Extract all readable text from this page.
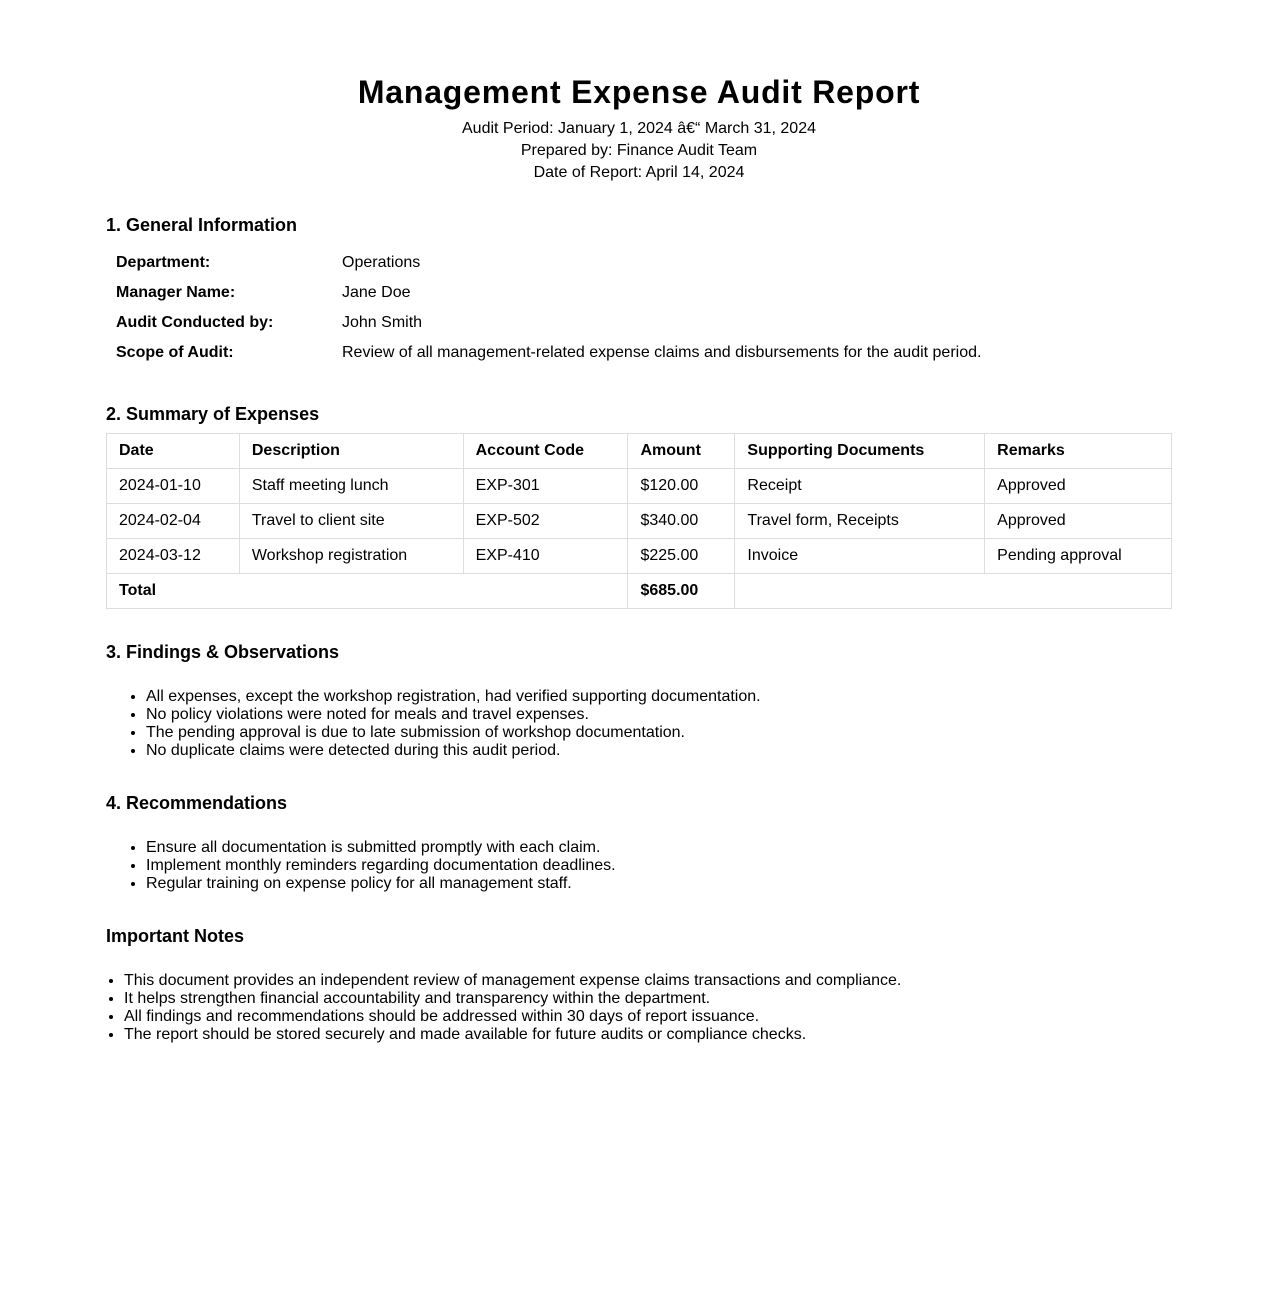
Management Expense Audit Report
Audit Period: January 1, 2024 â€“ March 31, 2024
Prepared by: Finance Audit Team
Date of Report: April 14, 2024
1. General Information
Department:	Operations
Manager Name:	Jane Doe
Audit Conducted by:	John Smith
Scope of Audit:	Review of all management-related expense claims and disbursements for the audit period.
2. Summary of Expenses
Date	Description	Account Code	Amount	Supporting Documents	Remarks
2024-01-10	Staff meeting lunch	EXP-301	$120.00	Receipt	Approved
2024-02-04	Travel to client site	EXP-502	$340.00	Travel form, Receipts	Approved
2024-03-12	Workshop registration	EXP-410	$225.00	Invoice	Pending approval
Total			$685.00		
3. Findings & Observations
• All expenses, except the workshop registration, had verified supporting documentation.
• No policy violations were noted for meals and travel expenses.
• The pending approval is due to late submission of workshop documentation.
• No duplicate claims were detected during this audit period.
4. Recommendations
• Ensure all documentation is submitted promptly with each claim.
• Implement monthly reminders regarding documentation deadlines.
• Regular training on expense policy for all management staff.
Important Notes
• This document provides an independent review of management expense claims transactions and compliance.
• It helps strengthen financial accountability and transparency within the department.
• All findings and recommendations should be addressed within 30 days of report issuance.
• The report should be stored securely and made available for future audits or compliance checks.
